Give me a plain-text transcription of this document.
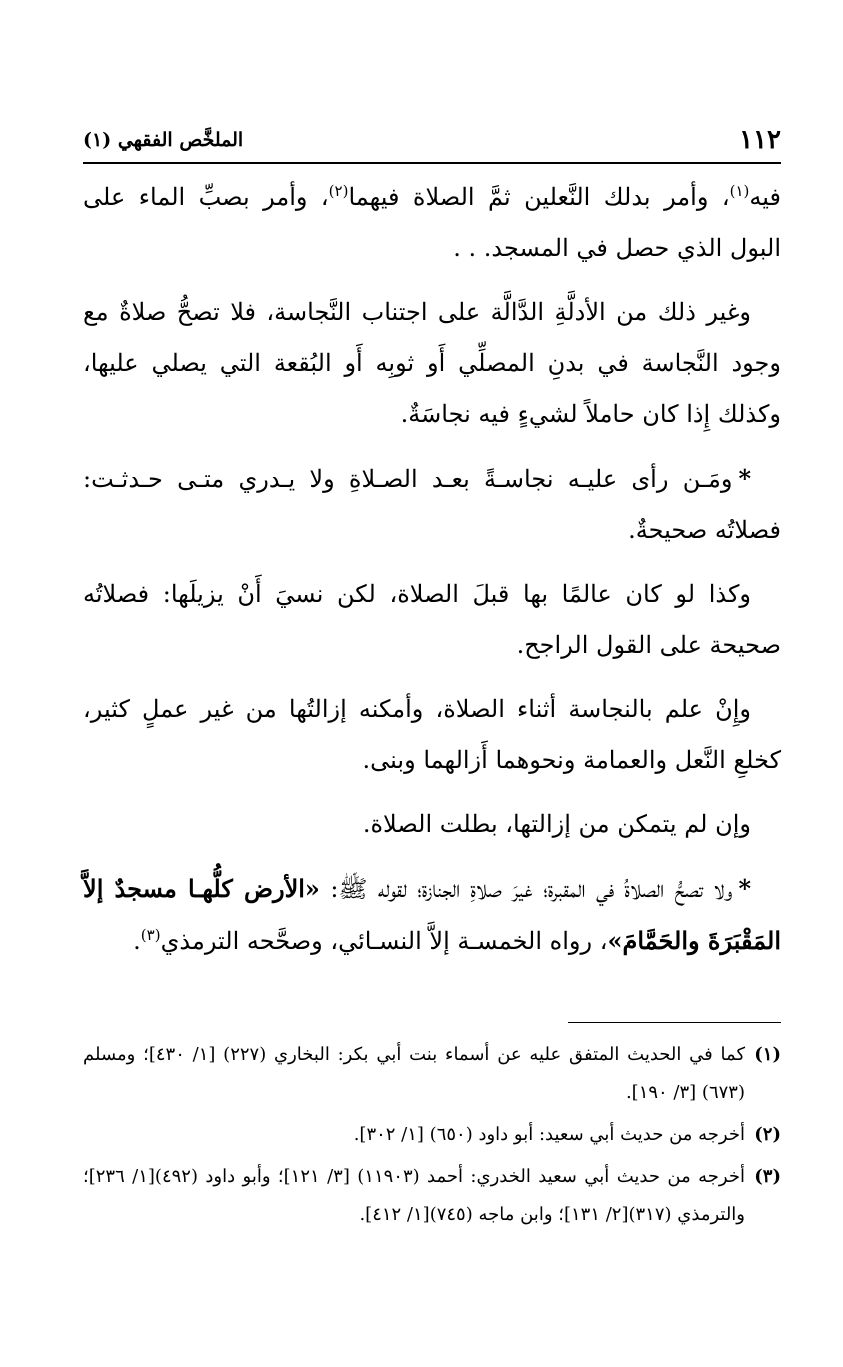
١١٢
الملخَّص الفقهي (١)

فيه$^{(١)}$، وأمر بدلك النَّعلين ثمَّ الصلاة فيهما$^{(٢)}$، وأمر بصبِّ الماء على البول الذي حصل في المسجد. . .

وغير ذلك من الأدلَّةِ الدَّالَّة على اجتناب النَّجاسة، فلا تصحُّ صلاةٌ مع وجود النَّجاسة في بدنِ المصلِّي أَو ثوبِه أَو البُقعة التي يصلي عليها، وكذلك إِذا كان حاملاً لشيءٍ فيه نجاسَةٌ.

*ومَـن رأى عليـه نجاسـةً بعـد الصـلاةِ ولا يـدري متـى حـدثـت: فصلاتُه صحيحةٌ.

وكذا لو كان عالمًا بها قبلَ الصلاة، لكن نسيَ أَنْ يزيلَها: فصلاتُه صحيحة على القول الراجح.

وإِنْ علم بالنجاسة أثناء الصلاة، وأمكنه إزالتُها من غير عملٍ كثير، كخلعِ النَّعل والعمامة ونحوهما أَزالهما وبنى.

وإن لم يتمكن من إزالتها، بطلت الصلاة.

*ولا تصحُّ الصلاةُ في المقبرة؛ غيرَ صلاةِ الجنازة؛ لقوله ﷺ: «الأرض كلُّهـا مسجدٌ إلاَّ المَقْبَرَةَ والحَمَّامَ»، رواه الخمسـة إلاَّ النسـائي، وصحَّحه الترمذي$^{(٣)}$.

(١)
كما في الحديث المتفق عليه عن أسماء بنت أبي بكر: البخاري (٢٢٧) [١/ ٤٣٠]؛ ومسلم (٦٧٣) [٣/ ١٩٠].
(٢)
أخرجه من حديث أبي سعيد: أبو داود (٦٥٠) [١/ ٣٠٢].
(٣)
أخرجه من حديث أبي سعيد الخدري: أحمد (١١٩٠٣) [٣/ ١٢١]؛ وأبو داود (٤٩٢)[١/ ٢٣٦]؛ والترمذي (٣١٧)[٢/ ١٣١]؛ وابن ماجه (٧٤٥)[١/ ٤١٢].
